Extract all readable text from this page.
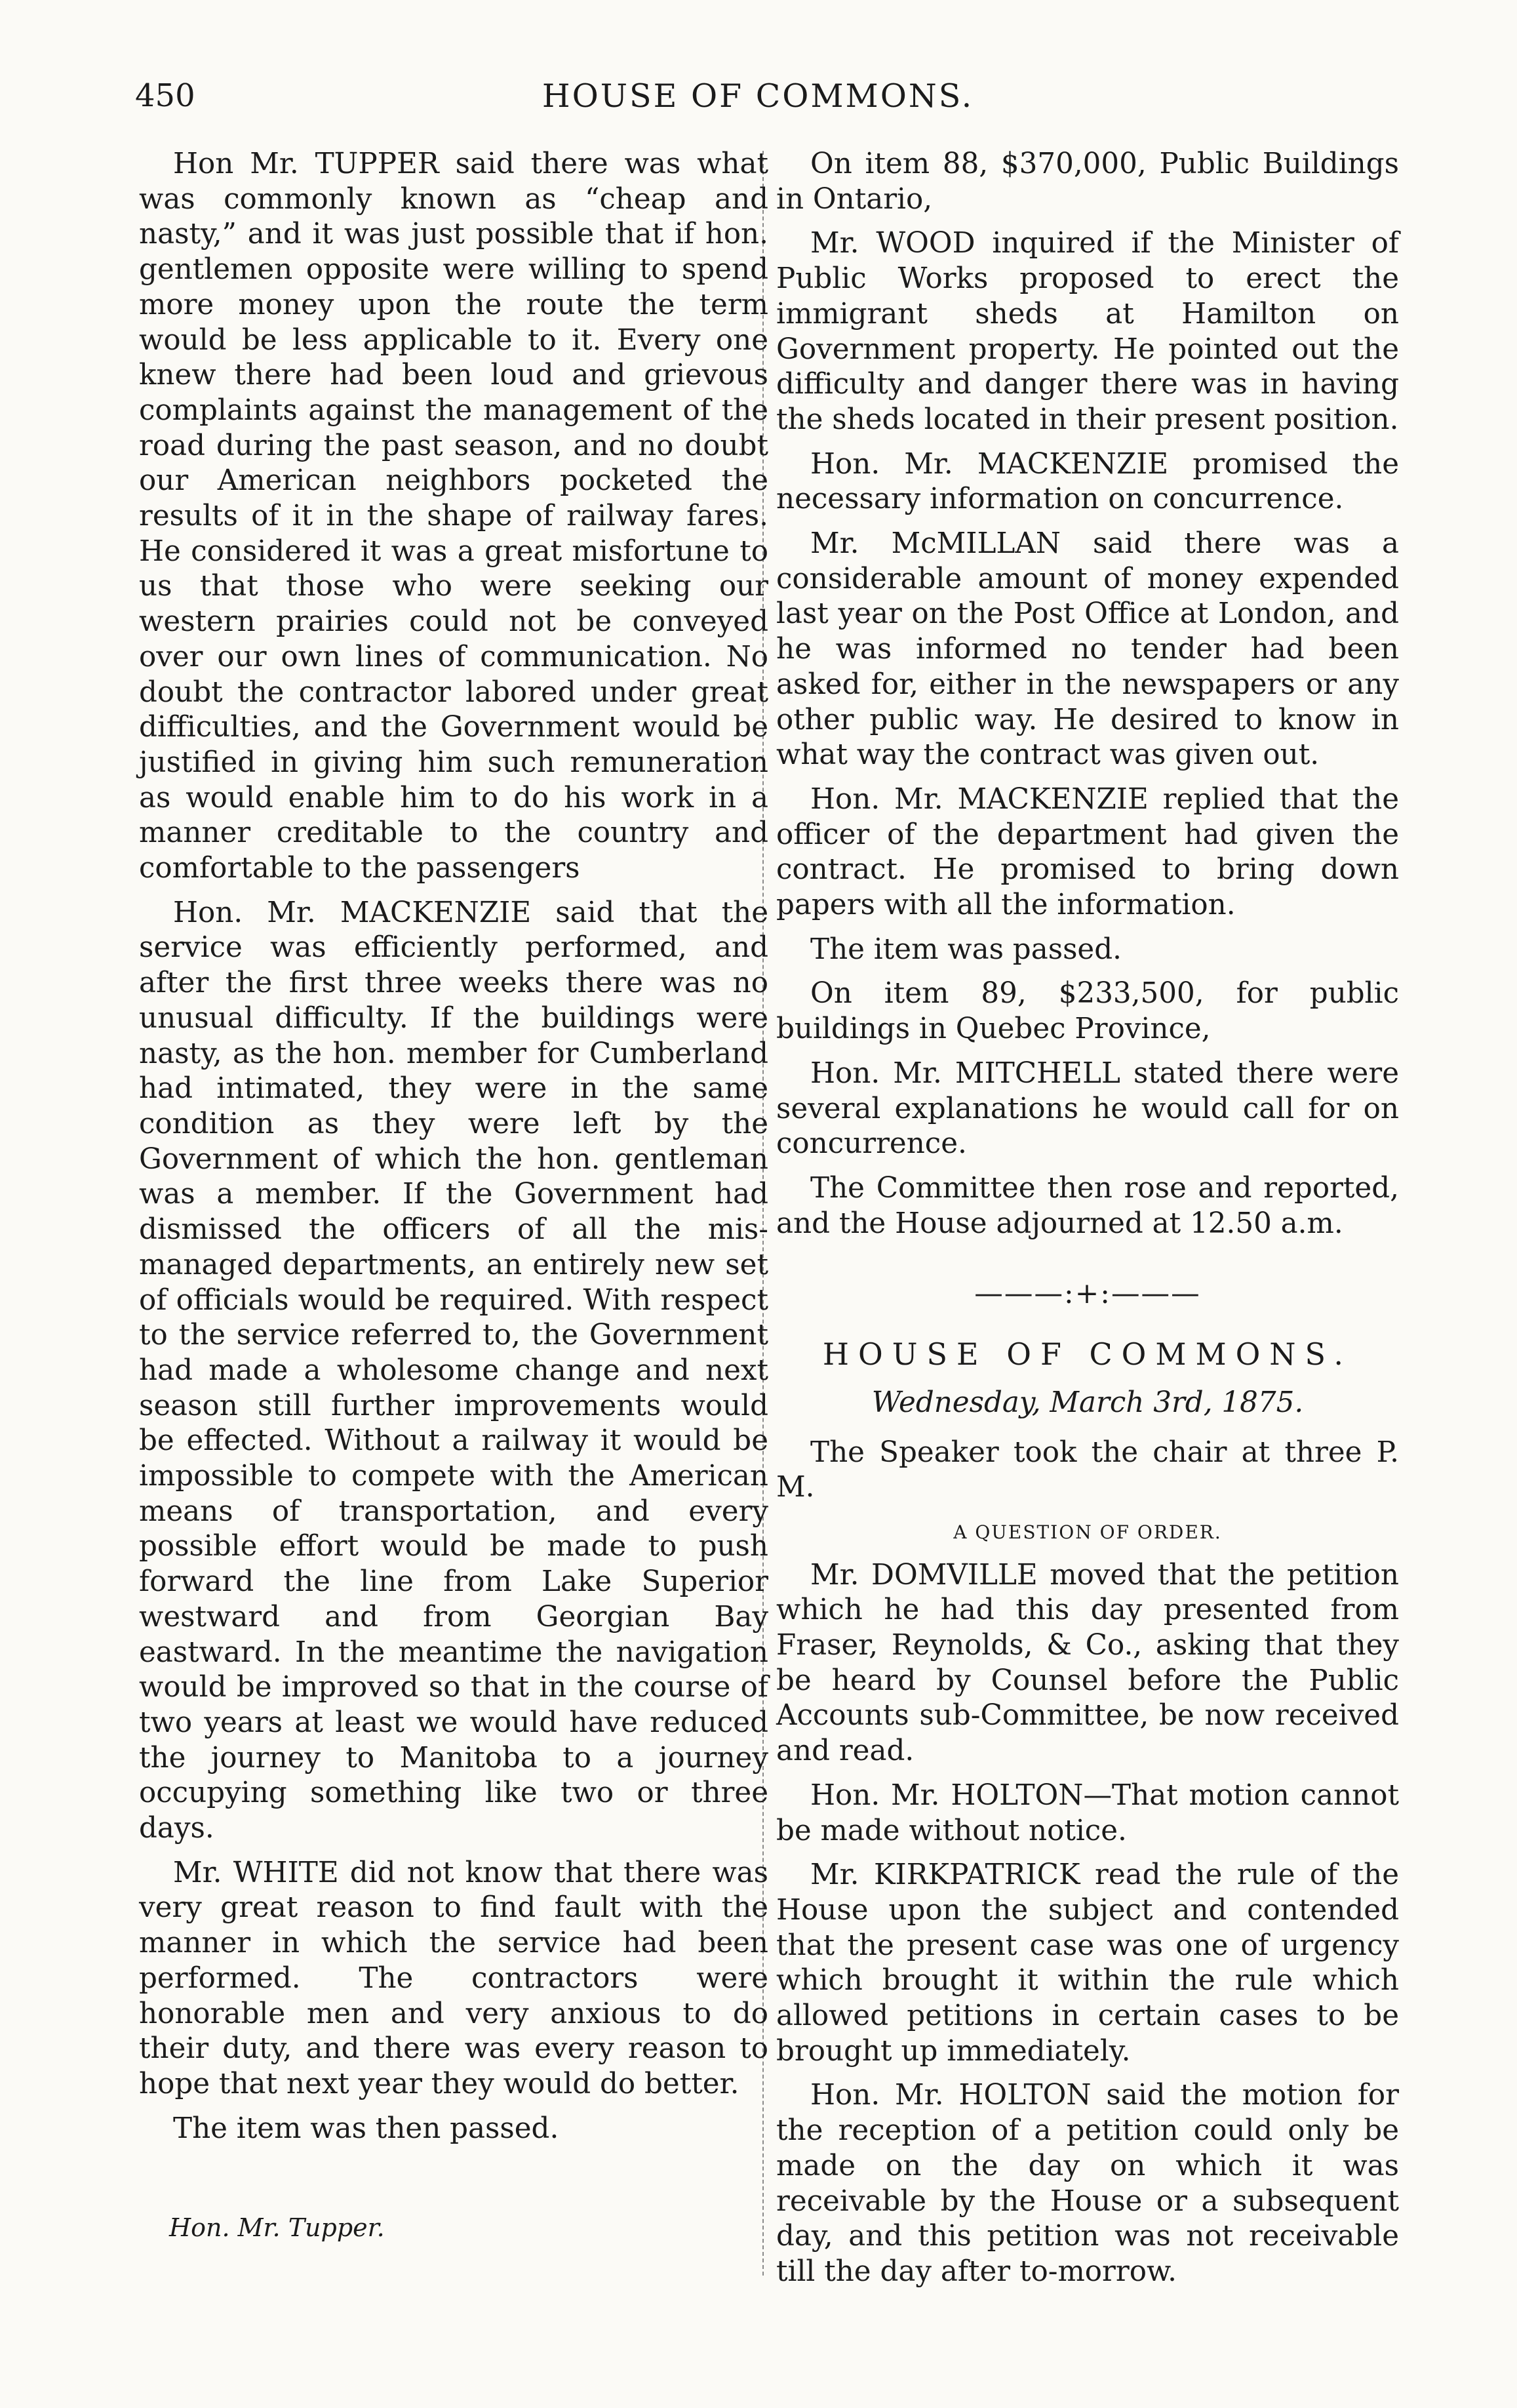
450	HOUSE OF COMMONS.

Hon Mr. TUPPER said there was what was commonly known as “cheap and nasty,” and it was just possible that if hon. gentlemen opposite were willing to spend more money upon the route the term would be less applicable to it. Every one knew there had been loud and grievous complaints against the management of the road during the past season, and no doubt our American neighbors pocketed the results of it in the shape of railway fares. He considered it was a great misfortune to us that those who were seeking our western prairies could not be conveyed over our own lines of communication. No doubt the contractor labored under great difficulties, and the Government would be justified in giving him such remuneration as would enable him to do his work in a manner creditable to the country and comfortable to the passengers

Hon. Mr. MACKENZIE said that the service was efficiently performed, and after the first three weeks there was no unusual difficulty. If the buildings were nasty, as the hon. member for Cumberland had intimated, they were in the same condition as they were left by the Government of which the hon. gentleman was a member. If the Government had dismissed the officers of all the mis-managed departments, an entirely new set of officials would be required. With respect to the service referred to, the Government had made a wholesome change and next season still further improvements would be effected. Without a railway it would be impossible to compete with the American means of transportation, and every possible effort would be made to push forward the line from Lake Superior westward and from Georgian Bay eastward. In the meantime the navigation would be improved so that in the course of two years at least we would have reduced the journey to Manitoba to a journey occupying something like two or three days.

Mr. WHITE did not know that there was very great reason to find fault with the manner in which the service had been performed. The contractors were honorable men and very anxious to do their duty, and there was every reason to hope that next year they would do better.

The item was then passed.

Hon. Mr. Tupper.

On item 88, $370,000, Public Buildings in Ontario,

Mr. WOOD inquired if the Minister of Public Works proposed to erect the immigrant sheds at Hamilton on Government property. He pointed out the difficulty and danger there was in having the sheds located in their present position.

Hon. Mr. MACKENZIE promised the necessary information on concurrence.

Mr. McMILLAN said there was a considerable amount of money expended last year on the Post Office at London, and he was informed no tender had been asked for, either in the newspapers or any other public way. He desired to know in what way the contract was given out.

Hon. Mr. MACKENZIE replied that the officer of the department had given the contract. He promised to bring down papers with all the information.

The item was passed.

On item 89, $233,500, for public buildings in Quebec Province,

Hon. Mr. MITCHELL stated there were several explanations he would call for on concurrence.

The Committee then rose and reported, and the House adjourned at 12.50 a.m.

———:+:———

HOUSE OF COMMONS.

Wednesday, March 3rd, 1875.

The Speaker took the chair at three P. M.

A QUESTION OF ORDER.

Mr. DOMVILLE moved that the petition which he had this day presented from Fraser, Reynolds, & Co., asking that they be heard by Counsel before the Public Accounts sub-Committee, be now received and read.

Hon. Mr. HOLTON—That motion cannot be made without notice.

Mr. KIRKPATRICK read the rule of the House upon the subject and contended that the present case was one of urgency which brought it within the rule which allowed petitions in certain cases to be brought up immediately.

Hon. Mr. HOLTON said the motion for the reception of a petition could only be made on the day on which it was receivable by the House or a subsequent day, and this petition was not receivable till the day after to-morrow.
